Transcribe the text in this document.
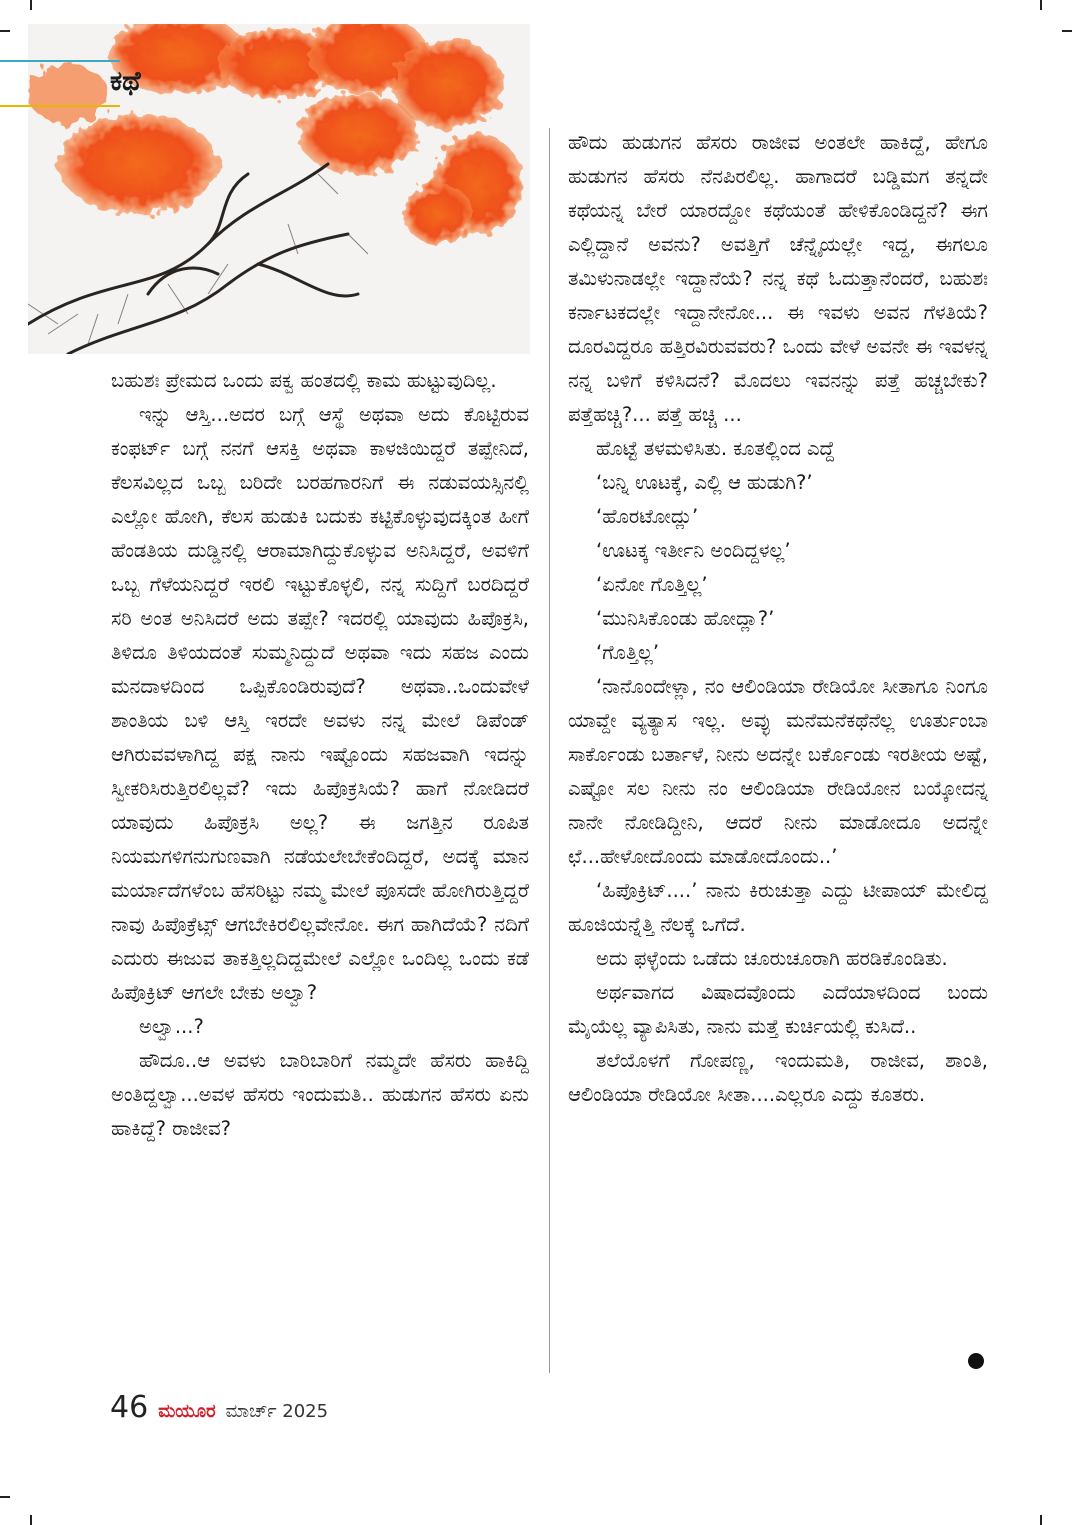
ಕಥೆ

ಬಹುಶಃ ಪ್ರೇಮದ ಒಂದು ಪಕ್ವ ಹಂತದಲ್ಲಿ ಕಾಮ ಹುಟ್ಟುವುದಿಲ್ಲ.

ಇನ್ನು ಆಸ್ತಿ...ಅದರ ಬಗ್ಗೆ ಆಸ್ಥೆ ಅಥವಾ ಅದು ಕೊಟ್ಟಿರುವ ಕಂಫರ್ಟ್ ಬಗ್ಗೆ ನನಗೆ ಆಸಕ್ತಿ ಅಥವಾ ಕಾಳಜಿಯಿದ್ದರೆ ತಪ್ಪೇನಿದೆ, ಕೆಲಸವಿಲ್ಲದ ಒಬ್ಬ ಬರಿದೇ ಬರಹಗಾರನಿಗೆ ಈ ನಡುವಯಸ್ಸಿನಲ್ಲಿ ಎಲ್ಲೋ ಹೋಗಿ, ಕೆಲಸ ಹುಡುಕಿ ಬದುಕು ಕಟ್ಟಿಕೊಳ್ಳುವುದಕ್ಕಿಂತ ಹೀಗೆ ಹೆಂಡತಿಯ ದುಡ್ಡಿನಲ್ಲಿ ಆರಾಮಾಗಿದ್ದುಕೊಳ್ಳುವ ಅನಿಸಿದ್ದರೆ, ಅವಳಿಗೆ ಒಬ್ಬ ಗೆಳೆಯನಿದ್ದರೆ ಇರಲಿ ಇಟ್ಟುಕೊಳ್ಳಲಿ, ನನ್ನ ಸುದ್ದಿಗೆ ಬರದಿದ್ದರೆ ಸರಿ ಅಂತ ಅನಿಸಿದರೆ ಅದು ತಪ್ಪೇ? ಇದರಲ್ಲಿ ಯಾವುದು ಹಿಪೊಕ್ರಸಿ, ತಿಳಿದೂ ತಿಳಿಯದಂತೆ ಸುಮ್ಮನಿದ್ದುದೆ ಅಥವಾ ಇದು ಸಹಜ ಎಂದು ಮನದಾಳದಿಂದ ಒಪ್ಪಿಕೊಂಡಿರುವುದೆ? ಅಥವಾ..ಒಂದುವೇಳೆ ಶಾಂತಿಯ ಬಳಿ ಆಸ್ತಿ ಇರದೇ ಅವಳು ನನ್ನ ಮೇಲೆ ಡಿಪೆಂಡ್ ಆಗಿರುವವಳಾಗಿದ್ದ ಪಕ್ಷ ನಾನು ಇಷ್ಟೊಂದು ಸಹಜವಾಗಿ ಇದನ್ನು ಸ್ವೀಕರಿಸಿರುತ್ತಿರಲಿಲ್ಲವೆ? ಇದು ಹಿಪೊಕ್ರಸಿಯೆ? ಹಾಗೆ ನೋಡಿದರೆ ಯಾವುದು ಹಿಪೊಕ್ರಸಿ ಅಲ್ಲ? ಈ ಜಗತ್ತಿನ ರೂಪಿತ ನಿಯಮಗಳಿಗನುಗುಣವಾಗಿ ನಡೆಯಲೇಬೇಕೆಂದಿದ್ದರೆ, ಅದಕ್ಕೆ ಮಾನ ಮರ್ಯಾದೆಗಳೆಂಬ ಹೆಸರಿಟ್ಟು ನಮ್ಮ ಮೇಲೆ ಪೂಸದೇ ಹೋಗಿರುತ್ತಿದ್ದರೆ ನಾವು ಹಿಪೊಕ್ರೆಟ್ಸ್ ಆಗಬೇಕಿರಲಿಲ್ಲವೇನೋ. ಈಗ ಹಾಗಿದೆಯೆ? ನದಿಗೆ ಎದುರು ಈಜುವ ತಾಕತ್ತಿಲ್ಲದಿದ್ದಮೇಲೆ ಎಲ್ಲೋ ಒಂದಿಲ್ಲ ಒಂದು ಕಡೆ ಹಿಪೊಕ್ರಿಟ್ ಆಗಲೇ ಬೇಕು ಅಲ್ವಾ?

ಅಲ್ವಾ...?

ಹೌದೂ..ಆ ಅವಳು ಬಾರಿಬಾರಿಗೆ ನಮ್ಮದೇ ಹೆಸರು ಹಾಕಿದ್ದಿ ಅಂತಿದ್ದಲ್ವಾ...ಅವಳ ಹೆಸರು ಇಂದುಮತಿ.. ಹುಡುಗನ ಹೆಸರು ಏನು ಹಾಕಿದ್ದೆ? ರಾಜೀವ?

ಹೌದು ಹುಡುಗನ ಹೆಸರು ರಾಜೀವ ಅಂತಲೇ ಹಾಕಿದ್ದೆ, ಹೇಗೂ ಹುಡುಗನ ಹೆಸರು ನೆನಪಿರಲಿಲ್ಲ. ಹಾಗಾದರೆ ಬಡ್ಡಿಮಗ ತನ್ನದೇ ಕಥೆಯನ್ನ ಬೇರೆ ಯಾರದ್ದೋ ಕಥೆಯಂತೆ ಹೇಳಿಕೊಂಡಿದ್ದನೆ? ಈಗ ಎಲ್ಲಿದ್ದಾನೆ ಅವನು? ಅವತ್ತಿಗೆ ಚೆನ್ನೈಯಲ್ಲೇ ಇದ್ದ, ಈಗಲೂ ತಮಿಳುನಾಡಲ್ಲೇ ಇದ್ದಾನೆಯೆ? ನನ್ನ ಕಥೆ ಓದುತ್ತಾನೆಂದರೆ, ಬಹುಶಃ ಕರ್ನಾಟಕದಲ್ಲೇ ಇದ್ದಾನೇನೋ... ಈ ಇವಳು ಅವನ ಗೆಳತಿಯೆ? ದೂರವಿದ್ದರೂ ಹತ್ತಿರವಿರುವವರು? ಒಂದು ವೇಳೆ ಅವನೇ ಈ ಇವಳನ್ನ ನನ್ನ ಬಳಿಗೆ ಕಳಿಸಿದನೆ? ಮೊದಲು ಇವನನ್ನು ಪತ್ತೆ ಹಚ್ಚಬೇಕು? ಪತ್ತೆಹಚ್ಚಿ?... ಪತ್ತೆ ಹಚ್ಚಿ ...

ಹೊಟ್ಟೆ ತಳಮಳಿಸಿತು. ಕೂತಲ್ಲಿಂದ ಎದ್ದೆ

‘ಬನ್ನಿ ಊಟಕ್ಕೆ, ಎಲ್ಲಿ ಆ ಹುಡುಗಿ?’

‘ಹೊರಟೋದ್ಲು’

‘ಊಟಕ್ಕ ಇರ್ತೀನಿ ಅಂದಿದ್ದಳಲ್ಲ’

‘ಏನೋ ಗೊತ್ತಿಲ್ಲ’

‘ಮುನಿಸಿಕೊಂಡು ಹೋದ್ಲಾ?’

‘ಗೊತ್ತಿಲ್ಲ’

‘ನಾನೊಂದೇಳ್ಲಾ, ನಂ ಆಲಿಂಡಿಯಾ ರೇಡಿಯೋ ಸೀತಾಗೂ ನಿಂಗೂ ಯಾವ್ದೇ ವ್ಯತ್ಯಾಸ ಇಲ್ಲ. ಅವ್ಳು ಮನೆಮನೆಕಥೆನೆಲ್ಲ ಊರ್ತುಂಬಾ ಸಾರ್ಕೊಂಡು ಬರ್ತಾಳೆ, ನೀನು ಅದನ್ನೇ ಬರ್ಕೊಂಡು ಇರತೀಯ ಅಷ್ಟೆ, ಎಷ್ಟೋ ಸಲ ನೀನು ನಂ ಆಲಿಂಡಿಯಾ ರೇಡಿಯೋನ ಬಯ್ಕೋದನ್ನ ನಾನೇ ನೋಡಿದ್ದೀನಿ, ಆದರೆ ನೀನು ಮಾಡೋದೂ ಅದನ್ನೇ ಛೆ...ಹೇಳೋದೊಂದು ಮಾಡೋದೊಂದು..’

‘ಹಿಪೊಕ್ರಿಟ್....’ ನಾನು ಕಿರುಚುತ್ತಾ ಎದ್ದು ಟೀಪಾಯ್ ಮೇಲಿದ್ದ ಹೂಜಿಯನ್ನೆತ್ತಿ ನೆಲಕ್ಕೆ ಒಗೆದೆ.

ಅದು ಫಳ್ಳೆಂದು ಒಡೆದು ಚೂರುಚೂರಾಗಿ ಹರಡಿಕೊಂಡಿತು.

ಅರ್ಥವಾಗದ ವಿಷಾದವೊಂದು ಎದೆಯಾಳದಿಂದ ಬಂದು ಮೈಯೆಲ್ಲ ವ್ಯಾಪಿಸಿತು, ನಾನು ಮತ್ತೆ ಕುರ್ಚಿಯಲ್ಲಿ ಕುಸಿದೆ..

ತಲೆಯೊಳಗೆ ಗೋಪಣ್ಣ, ಇಂದುಮತಿ, ರಾಜೀವ, ಶಾಂತಿ, ಆಲಿಂಡಿಯಾ ರೇಡಿಯೋ ಸೀತಾ....ಎಲ್ಲರೂ ಎದ್ದು ಕೂತರು.

46 ಮಯೂರ ಮಾರ್ಚ್ 2025
